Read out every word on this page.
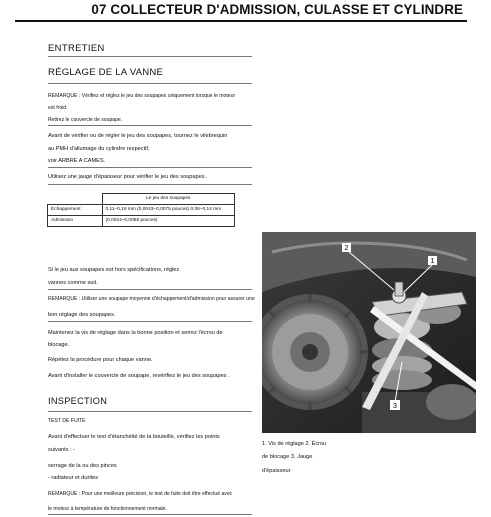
07 COLLECTEUR D'ADMISSION, CULASSE ET CYLINDRE
ENTRETIEN
RÉGLAGE DE LA VANNE
REMARQUE : Vérifiez et réglez le jeu des soupapes uniquement lorsque le moteur
est froid.
Retirez le couvercle de soupape.
Avant de vérifier ou de régler le jeu des soupapes, tournez le vilebrequin
au PMH d'allumage du cylindre respectif,
voir ARBRE A CAMES.
Utilisez une jauge d'épaisseur pour vérifier le jeu des soupapes.
	Le jeu des soupapes
Échappement	0,11–0,19 mm (0,0043–0,0075 pouces) 0,06–0,14 mm
Admission	(0,0024–0,0055 pouces)
Si le jeu aux soupapes est hors spécifications, réglez
vannes comme suit.
REMARQUE : Utiliser une soupape moyenne d'échappement/d'admission pour assurer une
bon réglage des soupapes.
Maintenez la vis de réglage dans la bonne position et serrez l'écrou de
blocage.
Répétez la procédure pour chaque vanne.
Avant d'installer le couvercle de soupape, revérifiez le jeu des soupapes .
INSPECTION
TEST DE FUITE
Avant d'effectuer le test d'étanchéité de la bouteille, vérifiez les points
suivants : -
serrage de la ou des pinces
- radiateur et durites
REMARQUE : Pour une meilleure précision, le test de fuite doit être effectué avec
le moteur à température de fonctionnement normale.
2
1
3
1. Vis de réglage 2. Écrou
de blocage 3. Jauge
d'épaisseur
